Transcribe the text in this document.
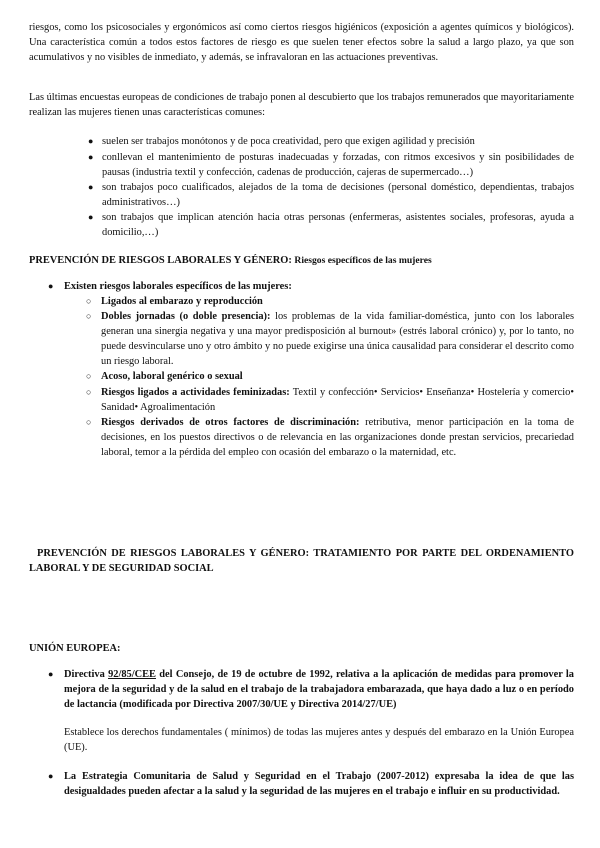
riesgos, como los psicosociales y ergonómicos así como ciertos riesgos higiénicos (exposición a agentes químicos y biológicos). Una característica común a todos estos factores de riesgo es que suelen tener efectos sobre la salud a largo plazo, ya que son acumulativos y no visibles de inmediato, y además, se infravaloran en las actuaciones preventivas.

Las últimas encuestas europeas de condiciones de trabajo ponen al descubierto que los trabajos remunerados que mayoritariamente realizan las mujeres tienen unas características comunes:

● suelen ser trabajos monótonos y de poca creatividad, pero que exigen agilidad y precisión

● conllevan el mantenimiento de posturas inadecuadas y forzadas, con ritmos excesivos y sin posibilidades de pausas (industria textil y confección, cadenas de producción, cajeras de supermercado…)

● son trabajos poco cualificados, alejados de la toma de decisiones (personal doméstico, dependientas, trabajos administrativos…)

● son trabajos que implican atención hacia otras personas (enfermeras, asistentes sociales, profesoras, ayuda a domicilio,…)

PREVENCIÓN DE RIESGOS LABORALES Y GÉNERO: Riesgos específicos de las mujeres

● Existen riesgos laborales específicos de las mujeres:

○ Ligados al embarazo y reproducción

○ Dobles jornadas (o doble presencia): los problemas de la vida familiar-doméstica, junto con los laborales generan una sinergia negativa y una mayor predisposición al burnout» (estrés laboral crónico) y, por lo tanto, no puede desvincularse uno y otro ámbito y no puede exigirse una única causalidad para considerar el descrito como un riesgo laboral.

○ Acoso, laboral genérico o sexual

○ Riesgos ligados a actividades feminizadas: Textil y confección• Servicios• Enseñanza• Hostelería y comercio• Sanidad• Agroalimentación

○ Riesgos derivados de otros factores de discriminación: retributiva, menor participación en la toma de decisiones, en los puestos directivos o de relevancia en las organizaciones donde prestan servicios, precariedad laboral, temor a la pérdida del empleo con ocasión del embarazo o la maternidad, etc.

PREVENCIÓN DE RIESGOS LABORALES Y GÉNERO: TRATAMIENTO POR PARTE DEL ORDENAMIENTO LABORAL Y DE SEGURIDAD SOCIAL

UNIÓN EUROPEA:

● Directiva 92/85/CEE del Consejo, de 19 de octubre de 1992, relativa a la aplicación de medidas para promover la mejora de la seguridad y de la salud en el trabajo de la trabajadora embarazada, que haya dado a luz o en período de lactancia (modificada por Directiva 2007/30/UE y Directiva 2014/27/UE)

Establece los derechos fundamentales ( mínimos) de todas las mujeres antes y después del embarazo en la Unión Europea (UE).

● La Estrategia Comunitaria de Salud y Seguridad en el Trabajo (2007-2012) expresaba la idea de que las desigualdades pueden afectar a la salud y la seguridad de las mujeres en el trabajo e influir en su productividad.
